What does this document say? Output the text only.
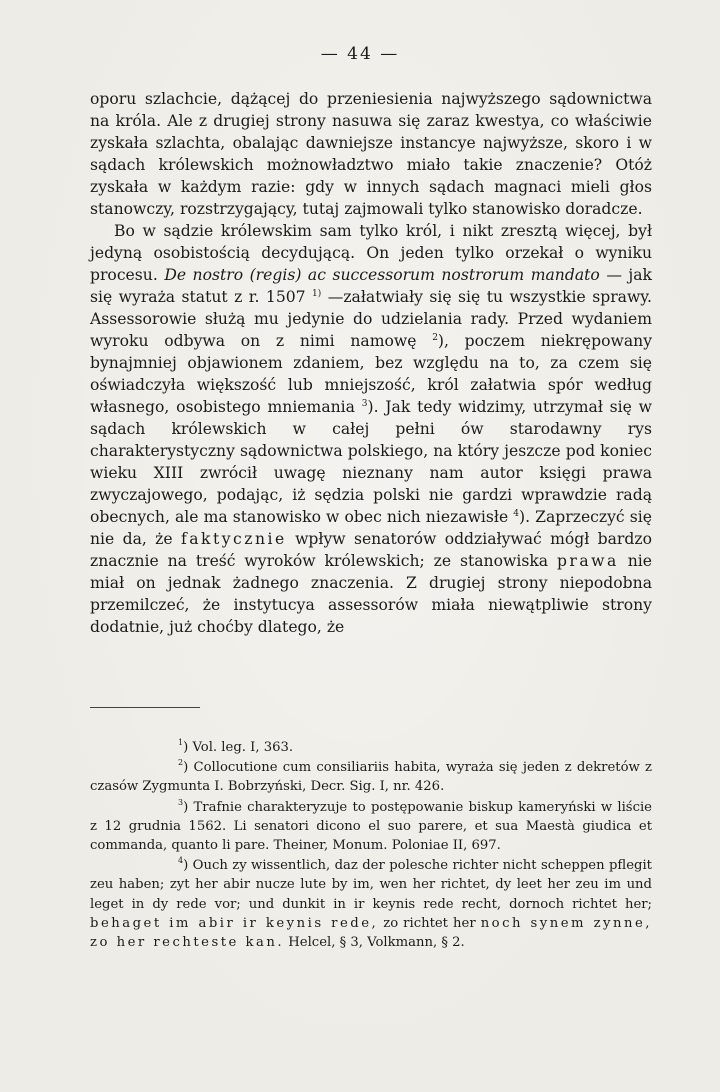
— 44 —

oporu szlachcie, dążącej do przeniesienia najwyższego sądownictwa na króla. Ale z drugiej strony nasuwa się zaraz kwestya, co właściwie zyskała szlachta, obalając dawniejsze instancye najwyższe, skoro i w sądach królewskich możnowładztwo miało takie znaczenie? Otóż zyskała w każdym razie: gdy w innych sądach magnaci mieli głos stanowczy, rozstrzygający, tutaj zajmowali tylko stanowisko doradcze.

Bo w sądzie królewskim sam tylko król, i nikt zresztą więcej, był jedyną osobistością decydującą. On jeden tylko orzekał o wyniku procesu. De nostro (regis) ac successorum nostrorum mandato — jak się wyraża statut z r. 1507 $^{1)}$ —załatwiały się się tu wszystkie sprawy. Assessorowie służą mu jedynie do udzielania rady. Przed wydaniem wyroku odbywa on z nimi namowę $^2$), poczem niekrępowany bynajmniej objawionem zdaniem, bez względu na to, za czem się oświadczyła większość lub mniejszość, król załatwia spór według własnego, osobistego mniemania $^3$). Jak tedy widzimy, utrzymał się w sądach królewskich w całej pełni ów starodawny rys charakterystyczny sądownictwa polskiego, na który jeszcze pod koniec wieku XIII zwrócił uwagę nieznany nam autor księgi prawa zwyczajowego, podając, iż sędzia polski nie gardzi wprawdzie radą obecnych, ale ma stanowisko w obec nich niezawisłe $^4$). Zaprzeczyć się nie da, że faktycznie wpływ senatorów oddziaływać mógł bardzo znacznie na treść wyroków królewskich; ze stanowiska prawa nie miał on jednak żadnego znaczenia. Z drugiej strony niepodobna przemilczeć, że instytucya assessorów miała niewątpliwie strony dodatnie, już choćby dlatego, że

$^1$) Vol. leg. I, 363.

$^2$) Collocutione cum consiliariis habita, wyraża się jeden z dekretów z czasów Zygmunta I. Bobrzyński, Decr. Sig. I, nr. 426.

$^3$) Trafnie charakteryzuje to postępowanie biskup kameryński w liście z 12 grudnia 1562. Li senatori dicono el suo parere, et sua Maestà giudica et commanda, quanto li pare. Theiner, Monum. Poloniae II, 697.

$^4$) Ouch zy wissentlich, daz der polesche richter nicht scheppen pflegit zeu haben; zyt her abir nucze lute by im, wen her richtet, dy leet her zeu im und leget in dy rede vor; und dunkit in ir keynis rede recht, dornoch richtet her; behaget im abir ir keynis rede, zo richtet her noch synem zynne, zo her rechteste kan. Helcel, § 3, Volkmann, § 2.
